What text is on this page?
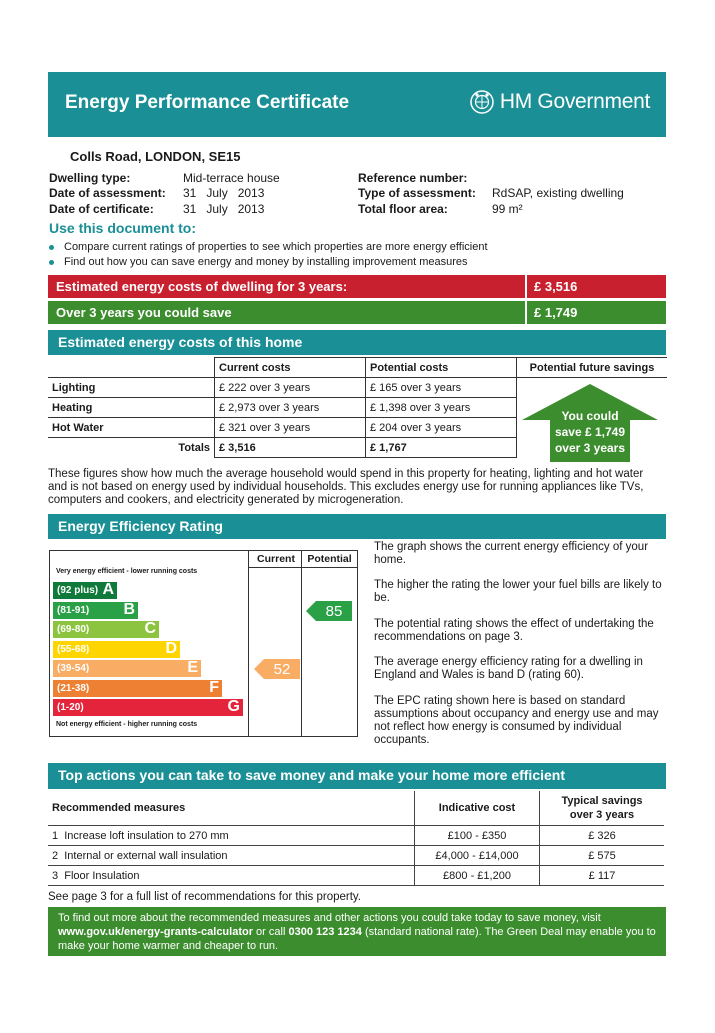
Energy Performance Certificate	HM Government
Colls Road, LONDON, SE15
Dwelling type:	Mid-terrace house
Date of assessment: 31   July   2013
Date of certificate: 31   July   2013
Reference number:
Type of assessment: RdSAP, existing dwelling
Total floor area:	99 m²
Use this document to:
Compare current ratings of properties to see which properties are more energy efficient
Find out how you can save energy and money by installing improvement measures
Estimated energy costs of dwelling for 3 years:	£ 3,516
Over 3 years you could save	£ 1,749
Estimated energy costs of this home
	Current costs	Potential costs	Potential future savings
Lighting	£ 222 over 3 years	£ 165 over 3 years	
Heating	£ 2,973 over 3 years	£ 1,398 over 3 years	
Hot Water	£ 321 over 3 years	£ 204 over 3 years	
Totals	£ 3,516	£ 1,767	
You could
save £ 1,749
over 3 years
These figures show how much the average household would spend in this property for heating, lighting and hot water and is not based on energy used by individual households. This excludes energy use for running appliances like TVs, computers and cookers, and electricity generated by microgeneration.
Energy Efficiency Rating
Current	Potential
Very energy efficient - lower running costs
Not energy efficient - higher running costs
(92 plus) A
(81-91) B
(69-80)	C
(55-68)	D
(39-54)	E
(21-38)	F
(1-20)	G
52
85
The graph shows the current energy efficiency of your home.
The higher the rating the lower your fuel bills are likely to be.
The potential rating shows the effect of undertaking the recommendations on page 3.
The average energy efficiency rating for a dwelling in England and Wales is band D (rating 60).
The EPC rating shown here is based on standard assumptions about occupancy and energy use and may not reflect how energy is consumed by individual occupants.
Top actions you can take to save money and make your home more efficient
Recommended measures	Indicative cost	Typical savings
over 3 years

1 Increase loft insulation to 270 mm	£100 - £350	£ 326
2 Internal or external wall insulation	£4,000 - £14,000	£ 575
3 Floor Insulation	£800 - £1,200	£ 117
See page 3 for a full list of recommendations for this property.
To find out more about the recommended measures and other actions you could take today to save money, visit www.gov.uk/energy-grants-calculator or call 0300 123 1234 (standard national rate). The Green Deal may enable you to make your home warmer and cheaper to run.
